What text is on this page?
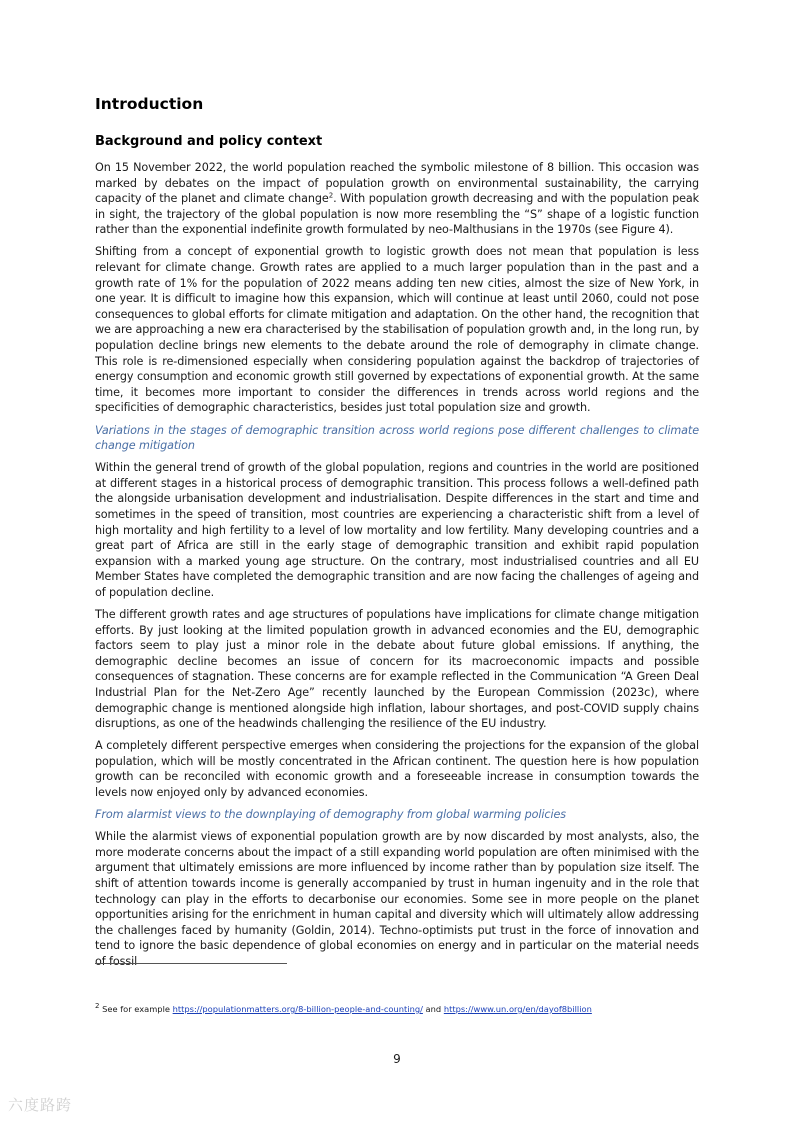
Introduction
Background and policy context

On 15 November 2022, the world population reached the symbolic milestone of 8 billion. This occasion was marked by debates on the impact of population growth on environmental sustainability, the carrying capacity of the planet and climate change$^2$. With population growth decreasing and with the population peak in sight, the trajectory of the global population is now more resembling the “S” shape of a logistic function rather than the exponential indefinite growth formulated by neo-Malthusians in the 1970s (see Figure 4).

Shifting from a concept of exponential growth to logistic growth does not mean that population is less relevant for climate change. Growth rates are applied to a much larger population than in the past and a growth rate of 1% for the population of 2022 means adding ten new cities, almost the size of New York, in one year. It is difficult to imagine how this expansion, which will continue at least until 2060, could not pose consequences to global efforts for climate mitigation and adaptation. On the other hand, the recognition that we are approaching a new era characterised by the stabilisation of population growth and, in the long run, by population decline brings new elements to the debate around the role of demography in climate change. This role is re-dimensioned especially when considering population against the backdrop of trajectories of energy consumption and economic growth still governed by expectations of exponential growth. At the same time, it becomes more important to consider the differences in trends across world regions and the specificities of demographic characteristics, besides just total population size and growth.

Variations in the stages of demographic transition across world regions pose different challenges to climate change mitigation

Within the general trend of growth of the global population, regions and countries in the world are positioned at different stages in a historical process of demographic transition. This process follows a well-defined path the alongside urbanisation development and industrialisation. Despite differences in the start and time and sometimes in the speed of transition, most countries are experiencing a characteristic shift from a level of high mortality and high fertility to a level of low mortality and low fertility. Many developing countries and a great part of Africa are still in the early stage of demographic transition and exhibit rapid population expansion with a marked young age structure. On the contrary, most industrialised countries and all EU Member States have completed the demographic transition and are now facing the challenges of ageing and of population decline.

The different growth rates and age structures of populations have implications for climate change mitigation efforts. By just looking at the limited population growth in advanced economies and the EU, demographic factors seem to play just a minor role in the debate about future global emissions. If anything, the demographic decline becomes an issue of concern for its macroeconomic impacts and possible consequences of stagnation. These concerns are for example reflected in the Communication “A Green Deal Industrial Plan for the Net-Zero Age” recently launched by the European Commission (2023c), where demographic change is mentioned alongside high inflation, labour shortages, and post-COVID supply chains disruptions, as one of the headwinds challenging the resilience of the EU industry.

A completely different perspective emerges when considering the projections for the expansion of the global population, which will be mostly concentrated in the African continent. The question here is how population growth can be reconciled with economic growth and a foreseeable increase in consumption towards the levels now enjoyed only by advanced economies.

From alarmist views to the downplaying of demography from global warming policies

While the alarmist views of exponential population growth are by now discarded by most analysts, also, the more moderate concerns about the impact of a still expanding world population are often minimised with the argument that ultimately emissions are more influenced by income rather than by population size itself. The shift of attention towards income is generally accompanied by trust in human ingenuity and in the role that technology can play in the efforts to decarbonise our economies. Some see in more people on the planet opportunities arising for the enrichment in human capital and diversity which will ultimately allow addressing the challenges faced by humanity (Goldin, 2014). Techno-optimists put trust in the force of innovation and tend to ignore the basic dependence of global economies on energy and in particular on the material needs of fossil

$^2$ See for example https://populationmatters.org/8-billion-people-and-counting/ and https://www.un.org/en/dayof8billion
9
六度路跨
